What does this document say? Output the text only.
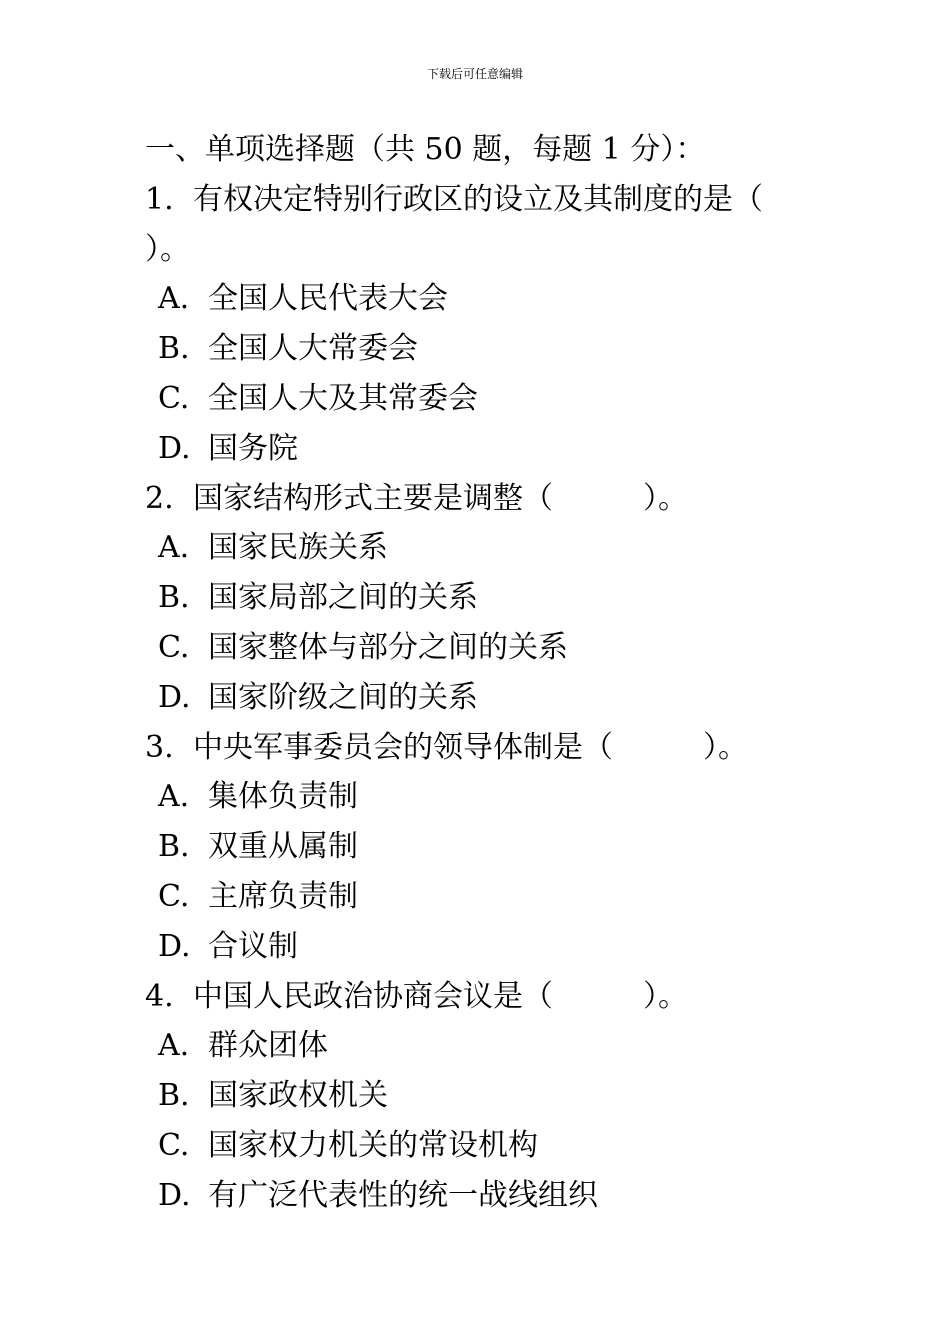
下载后可任意编辑
一、单项选择题（共 50 题，每题 1 分）：
1. 有权决定特别行政区的设立及其制度的是（
）。
A. 全国人民代表大会
B. 全国人大常委会
C. 全国人大及其常委会
D. 国务院
2. 国家结构形式主要是调整（　　　）。
A. 国家民族关系
B. 国家局部之间的关系
C. 国家整体与部分之间的关系
D. 国家阶级之间的关系
3. 中央军事委员会的领导体制是（　　　）。
A. 集体负责制
B. 双重从属制
C. 主席负责制
D. 合议制
4. 中国人民政治协商会议是（　　　）。
A. 群众团体
B. 国家政权机关
C. 国家权力机关的常设机构
D. 有广泛代表性的统一战线组织
